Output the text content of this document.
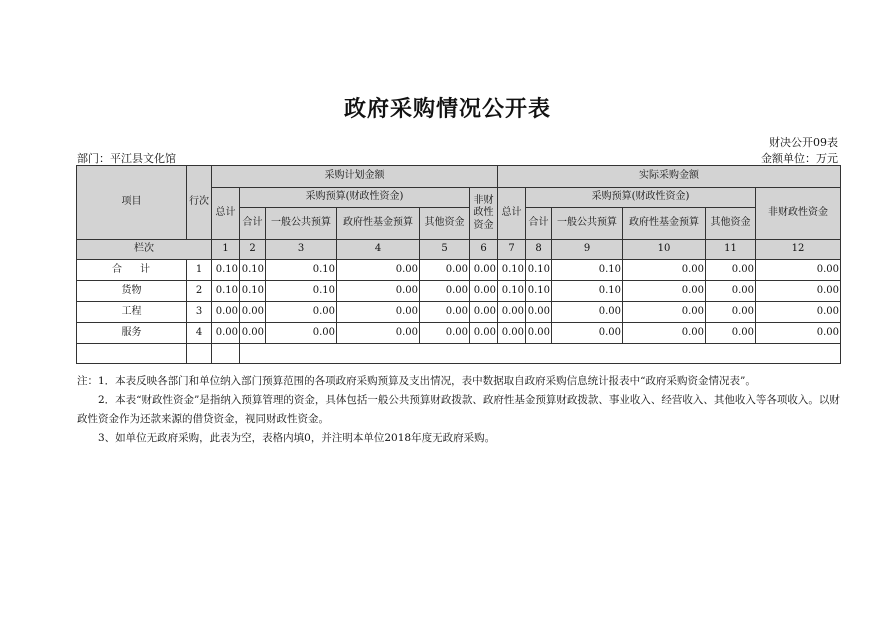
政府采购情况公开表
财决公开09表
部门：平江县文化馆	金额单位：万元
项目	行次	采购计划金额						实际采购金额					
		总计	采购预算(财政性资金)				非财政性资金	总计	采购预算(财政性资金)				非财政性资金
			合计	一般公共预算	政府性基金预算	其他资金			合计	一般公共预算	政府性基金预算	其他资金	
栏次		1	2	3	4	5	6	7	8	9	10	11	12
合计	1	0.10	0.10	0.10	0.00	0.00	0.00	0.10	0.10	0.10	0.00	0.00	0.00
货物	2	0.10	0.10	0.10	0.00	0.00	0.00	0.10	0.10	0.10	0.00	0.00	0.00
工程	3	0.00	0.00	0.00	0.00	0.00	0.00	0.00	0.00	0.00	0.00	0.00	0.00
服务	4	0.00	0.00	0.00	0.00	0.00	0.00	0.00	0.00	0.00	0.00	0.00	0.00

注：1．本表反映各部门和单位纳入部门预算范围的各项政府采购预算及支出情况，表中数据取自政府采购信息统计报表中“政府采购资金情况表”。

2．本表“财政性资金”是指纳入预算管理的资金，具体包括一般公共预算财政拨款、政府性基金预算财政拨款、事业收入、经营收入、其他收入等各项收入。以财政性资金作为还款来源的借贷资金，视同财政性资金。

3、如单位无政府采购，此表为空，表格内填0，并注明本单位2018年度无政府采购。
